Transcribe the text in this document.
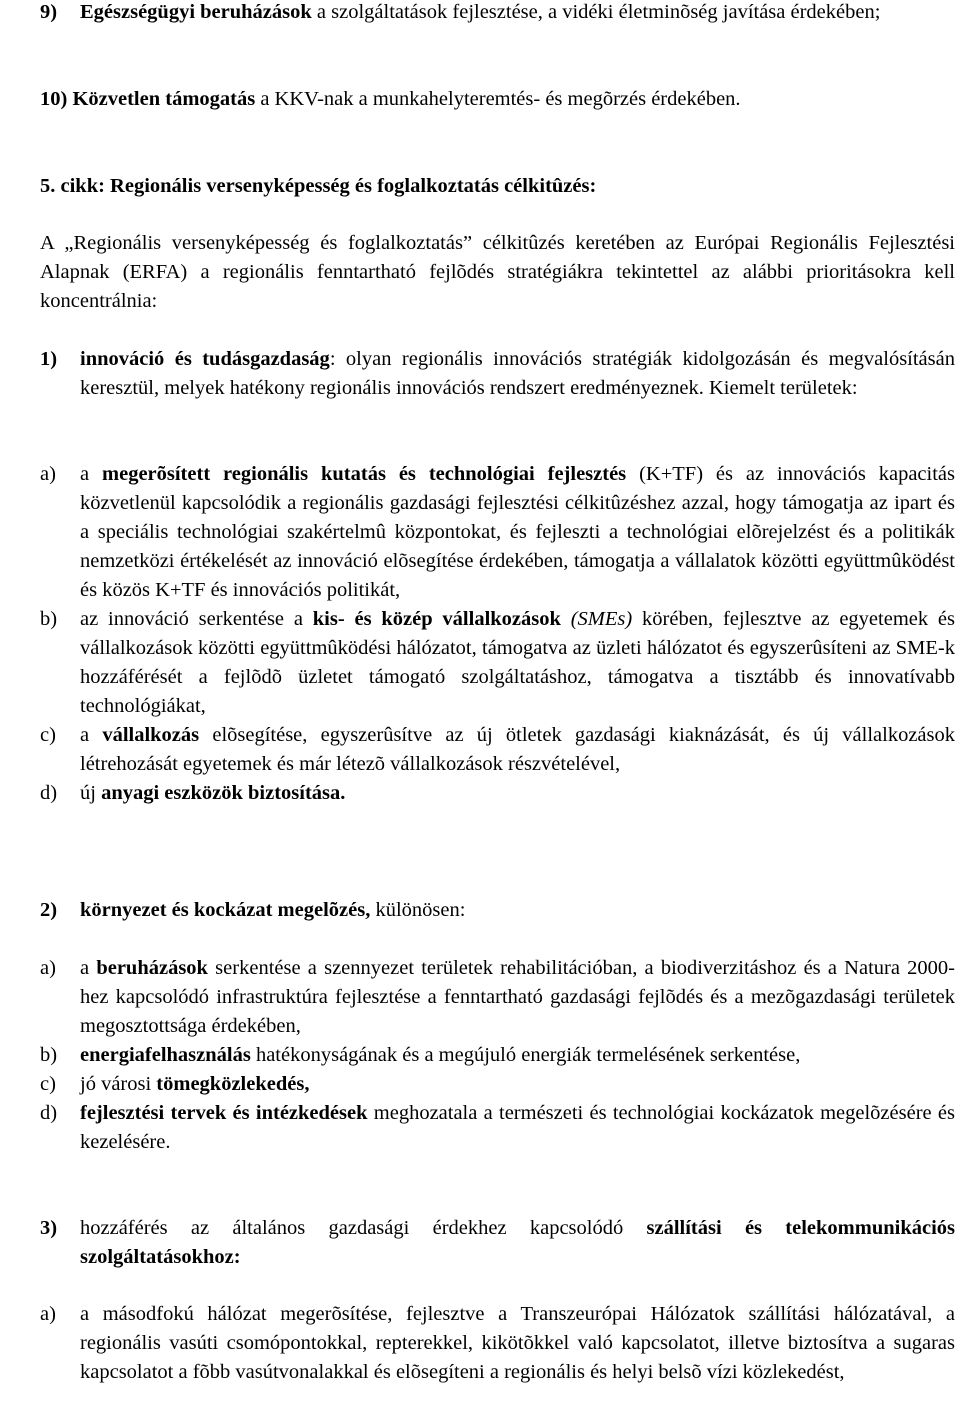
9)	Egészségügyi beruházások a szolgáltatások fejlesztése, a vidéki életminõség javítása érdekében;
10) Közvetlen támogatás a KKV-nak a munkahelyteremtés- és megõrzés érdekében.
5. cikk: Regionális versenyképesség és foglalkoztatás célkitûzés:

A „Regionális versenyképesség és foglalkoztatás” célkitûzés keretében az Európai Regionális Fejlesztési Alapnak (ERFA) a regionális fenntartható fejlõdés stratégiákra tekintettel az alábbi prioritásokra kell koncentrálnia:

1)	innováció és tudásgazdaság: olyan regionális innovációs stratégiák kidolgozásán és megvalósításán keresztül, melyek hatékony regionális innovációs rendszert eredményeznek. Kiemelt területek:
a)	a megerõsített regionális kutatás és technológiai fejlesztés (K+TF) és az innovációs kapacitás közvetlenül kapcsolódik a regionális gazdasági fejlesztési célkitûzéshez azzal, hogy támogatja az ipart és a speciális technológiai szakértelmû központokat, és fejleszti a technológiai elõrejelzést és a politikák nemzetközi értékelését az innováció elõsegítése érdekében, támogatja a vállalatok közötti együttmûködést és közös K+TF és innovációs politikát,
b)	az innováció serkentése a kis- és közép vállalkozások (SMEs) körében, fejlesztve az egyetemek és vállalkozások közötti együttmûködési hálózatot, támogatva az üzleti hálózatot és egyszerûsíteni az SME-k hozzáférését a fejlõdõ üzletet támogató szolgáltatáshoz, támogatva a tisztább és innovatívabb technológiákat,
c)	a vállalkozás elõsegítése, egyszerûsítve az új ötletek gazdasági kiaknázását, és új vállalkozások létrehozását egyetemek és már létezõ vállalkozások részvételével,
d)	új anyagi eszközök biztosítása.
2)	környezet és kockázat megelõzés, különösen:
a)	a beruházások serkentése a szennyezet területek rehabilitációban, a biodiverzitáshoz és a Natura 2000-hez kapcsolódó infrastruktúra fejlesztése a fenntartható gazdasági fejlõdés és a mezõgazdasági területek megosztottsága érdekében,
b)	energiafelhasználás hatékonyságának és a megújuló energiák termelésének serkentése,
c)	jó városi tömegközlekedés,
d)	fejlesztési tervek és intézkedések meghozatala a természeti és technológiai kockázatok megelõzésére és kezelésére.
3)	hozzáférés az általános gazdasági érdekhez kapcsolódó szállítási és telekommunikációs szolgáltatásokhoz:
a)	a másodfokú hálózat megerõsítése, fejlesztve a Transzeurópai Hálózatok szállítási hálózatával, a regionális vasúti csomópontokkal, repterekkel, kikötõkkel való kapcsolatot, illetve biztosítva a sugaras kapcsolatot a fõbb vasútvonalakkal és elõsegíteni a regionális és helyi belsõ vízi közlekedést,
